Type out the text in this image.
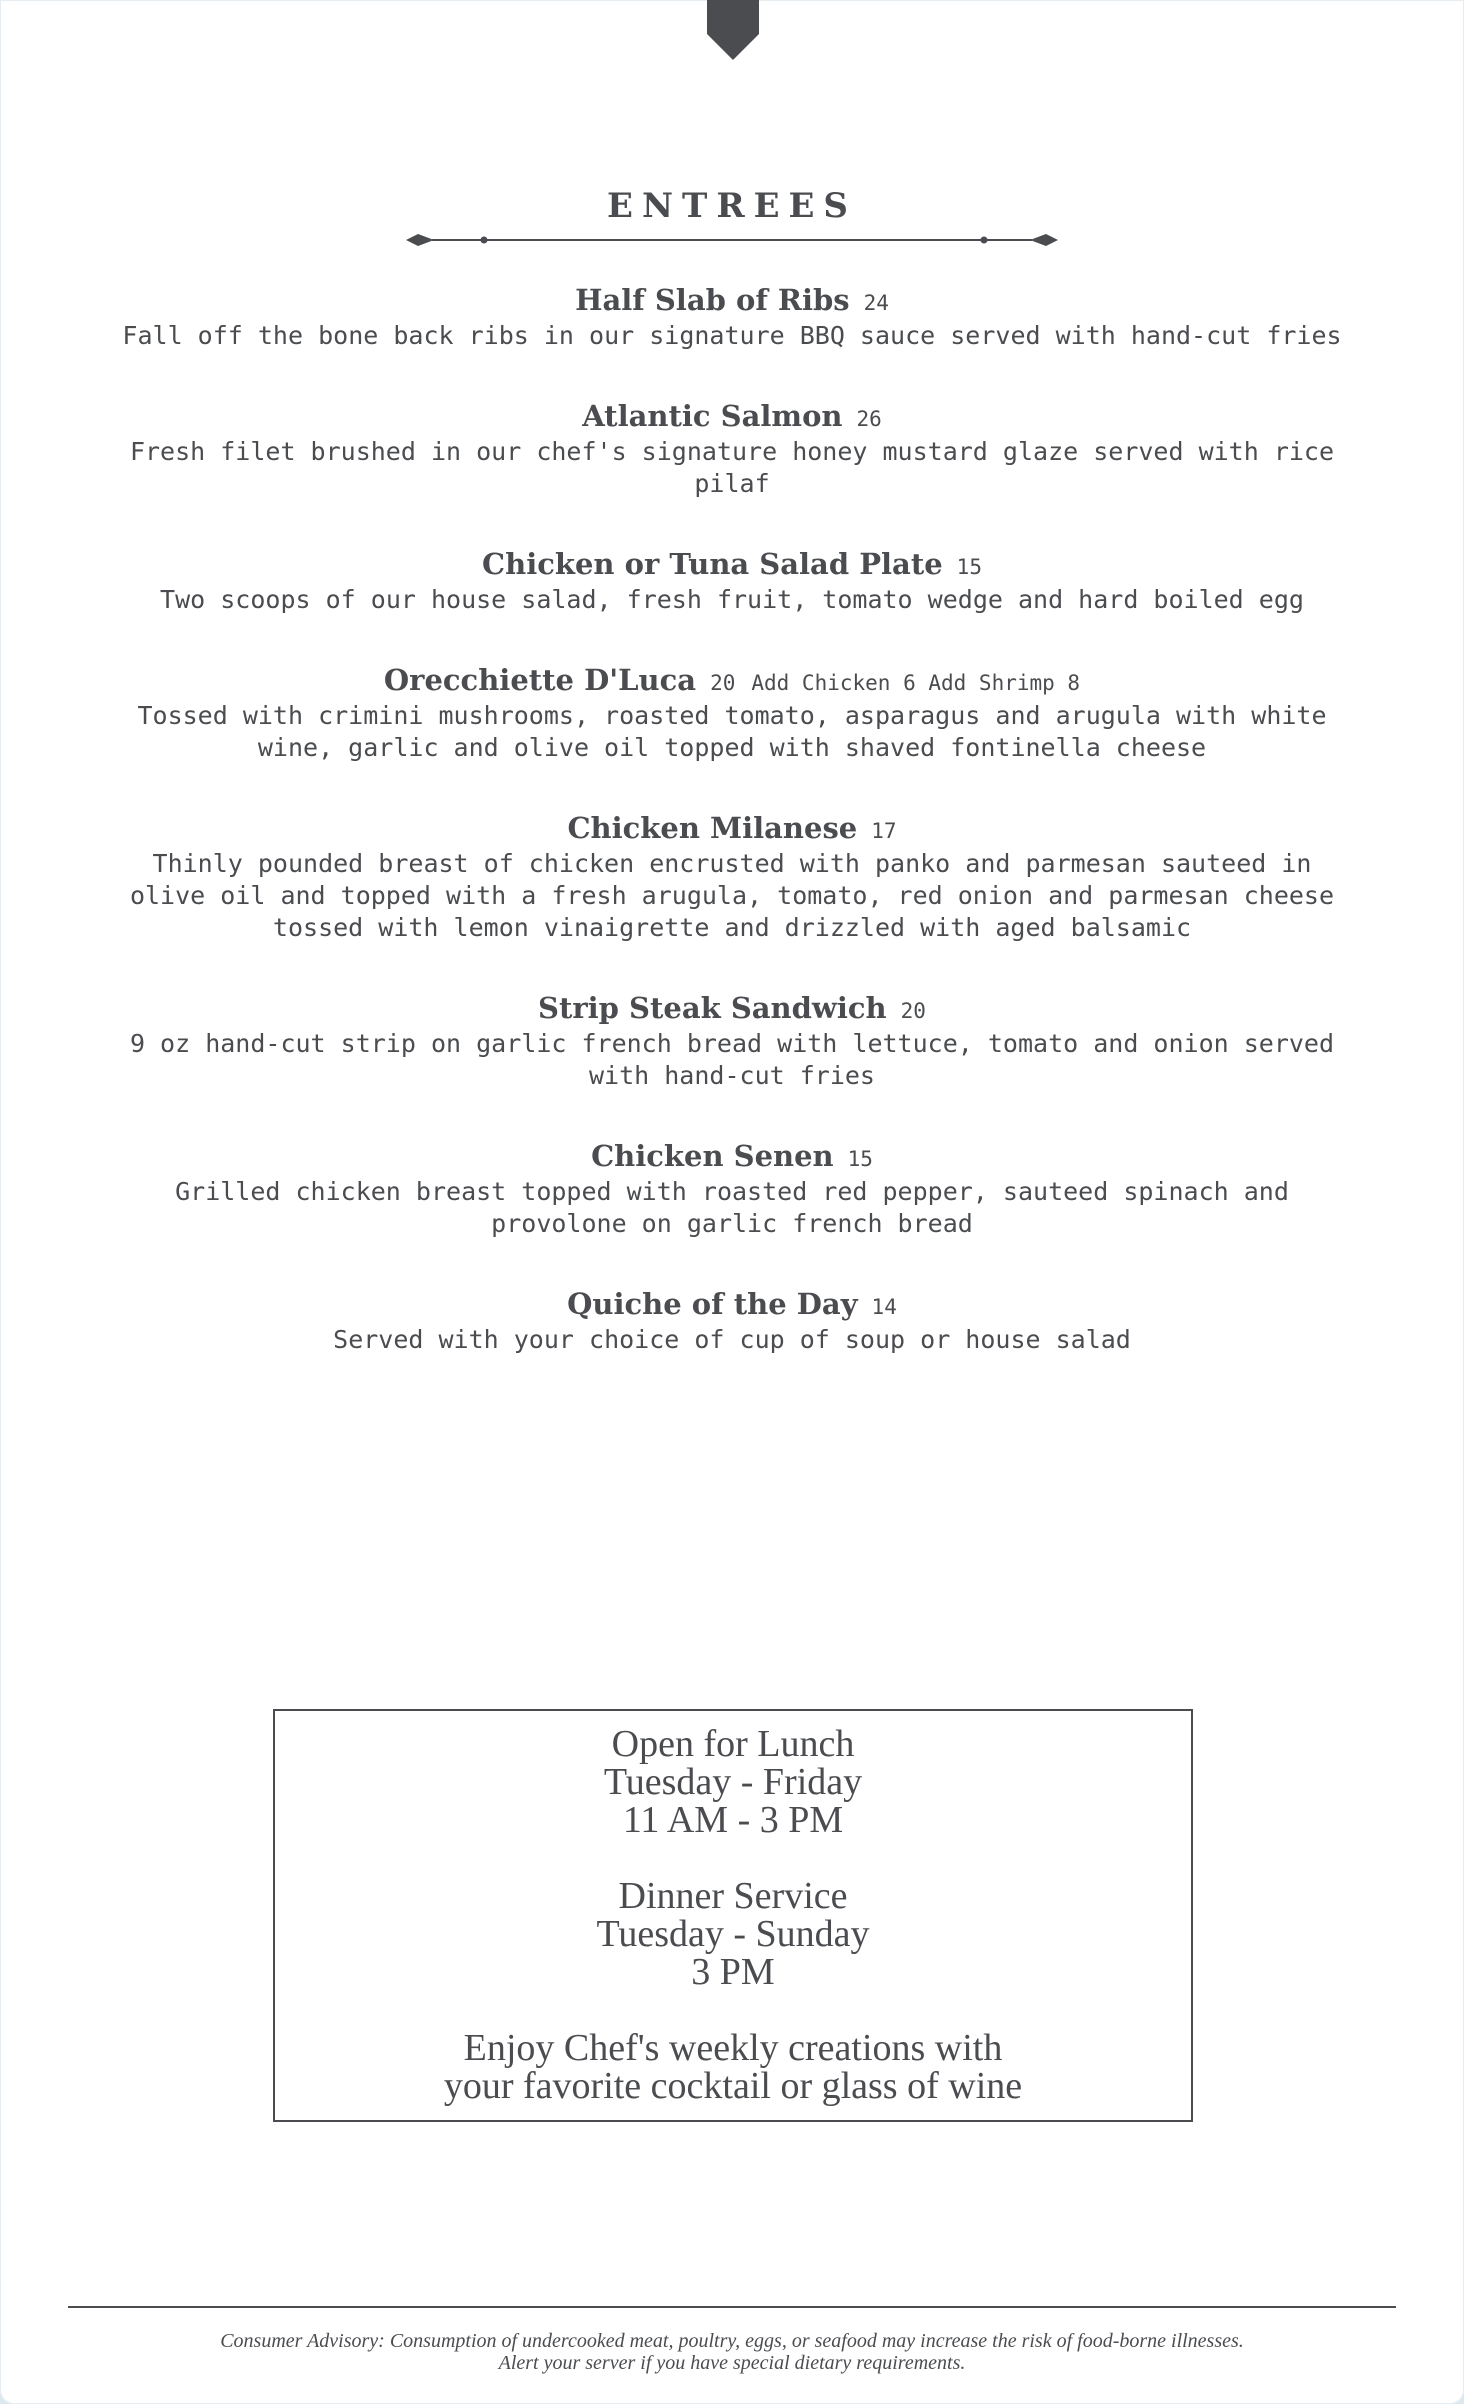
ENTREES
Half Slab of Ribs 24
Fall off the bone back ribs in our signature BBQ sauce served with hand-cut fries
Atlantic Salmon 26
Fresh filet brushed in our chef's signature honey mustard glaze served with rice pilaf
Chicken or Tuna Salad Plate 15
Two scoops of our house salad, fresh fruit, tomato wedge and hard boiled egg
Orecchiette D'Luca 20 Add Chicken 6 Add Shrimp 8
Tossed with crimini mushrooms, roasted tomato, asparagus and arugula with white wine, garlic and olive oil topped with shaved fontinella cheese
Chicken Milanese 17
Thinly pounded breast of chicken encrusted with panko and parmesan sauteed in olive oil and topped with a fresh arugula, tomato, red onion and parmesan cheese tossed with lemon vinaigrette and drizzled with aged balsamic
Strip Steak Sandwich 20
9 oz hand-cut strip on garlic french bread with lettuce, tomato and onion served with hand-cut fries
Chicken Senen 15
Grilled chicken breast topped with roasted red pepper, sauteed spinach and provolone on garlic french bread
Quiche of the Day 14
Served with your choice of cup of soup or house salad
Open for Lunch
Tuesday - Friday
11 AM - 3 PM
Dinner Service
Tuesday - Sunday
3 PM
Enjoy Chef's weekly creations with
your favorite cocktail or glass of wine
Consumer Advisory: Consumption of undercooked meat, poultry, eggs, or seafood may increase the risk of food-borne illnesses.
Alert your server if you have special dietary requirements.
